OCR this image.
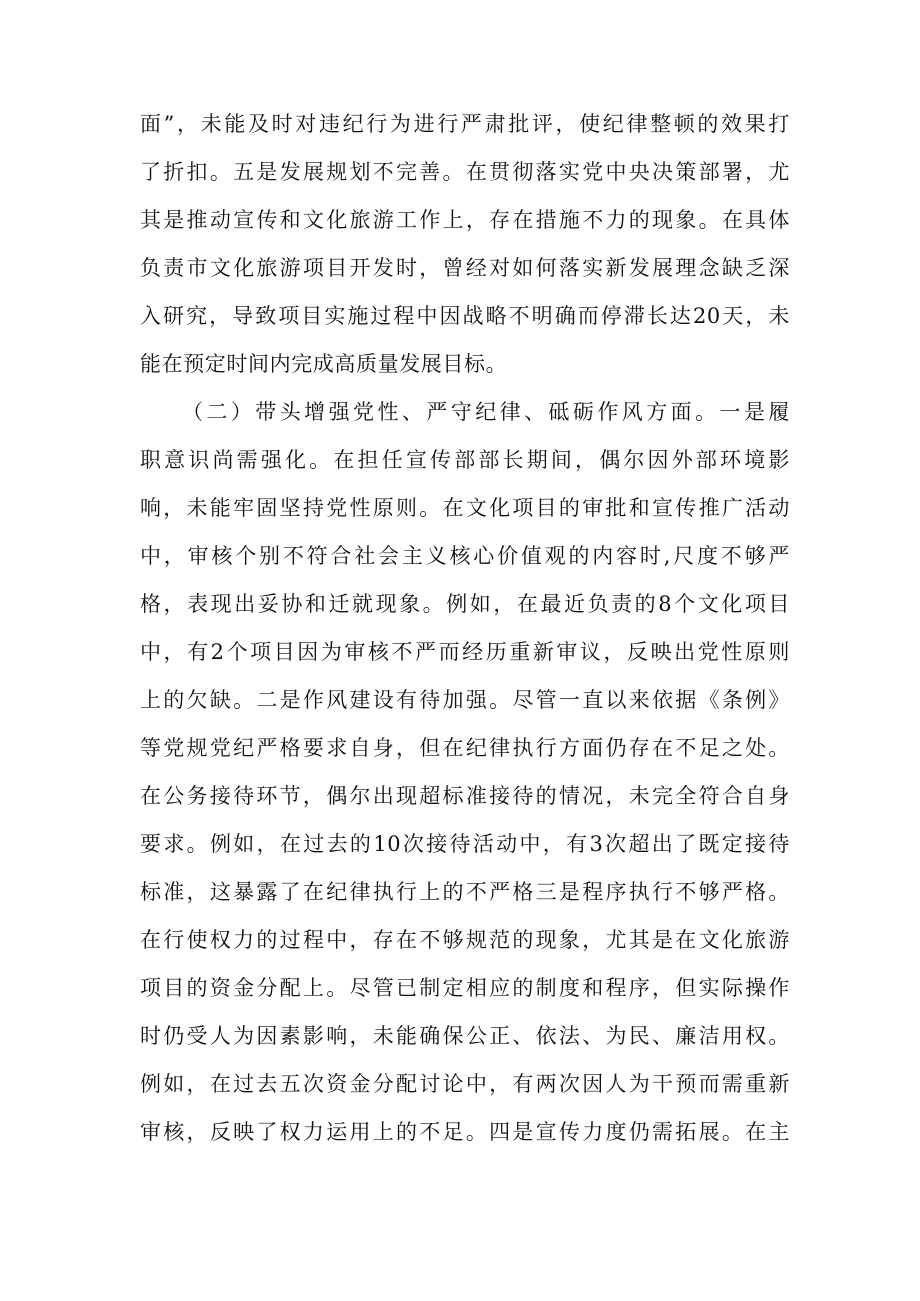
面”，未能及时对违纪行为进行严肃批评，使纪律整顿的效果打
了折扣。五是发展规划不完善。在贯彻落实党中央决策部署，尤
其是推动宣传和文化旅游工作上，存在措施不力的现象。在具体
负责市文化旅游项目开发时，曾经对如何落实新发展理念缺乏深
入研究，导致项目实施过程中因战略不明确而停滞长达20天，未
能在预定时间内完成高质量发展目标。
（二）带头增强党性、严守纪律、砥砺作风方面。一是履
职意识尚需强化。在担任宣传部部长期间，偶尔因外部环境影
响，未能牢固坚持党性原则。在文化项目的审批和宣传推广活动
中，审核个别不符合社会主义核心价值观的内容时,尺度不够严
格，表现出妥协和迁就现象。例如，在最近负责的8个文化项目
中，有2个项目因为审核不严而经历重新审议，反映出党性原则
上的欠缺。二是作风建设有待加强。尽管一直以来依据《条例》
等党规党纪严格要求自身，但在纪律执行方面仍存在不足之处。
在公务接待环节，偶尔出现超标准接待的情况，未完全符合自身
要求。例如，在过去的10次接待活动中，有3次超出了既定接待
标准，这暴露了在纪律执行上的不严格三是程序执行不够严格。
在行使权力的过程中，存在不够规范的现象，尤其是在文化旅游
项目的资金分配上。尽管已制定相应的制度和程序，但实际操作
时仍受人为因素影响，未能确保公正、依法、为民、廉洁用权。
例如，在过去五次资金分配讨论中，有两次因人为干预而需重新
审核，反映了权力运用上的不足。四是宣传力度仍需拓展。在主
